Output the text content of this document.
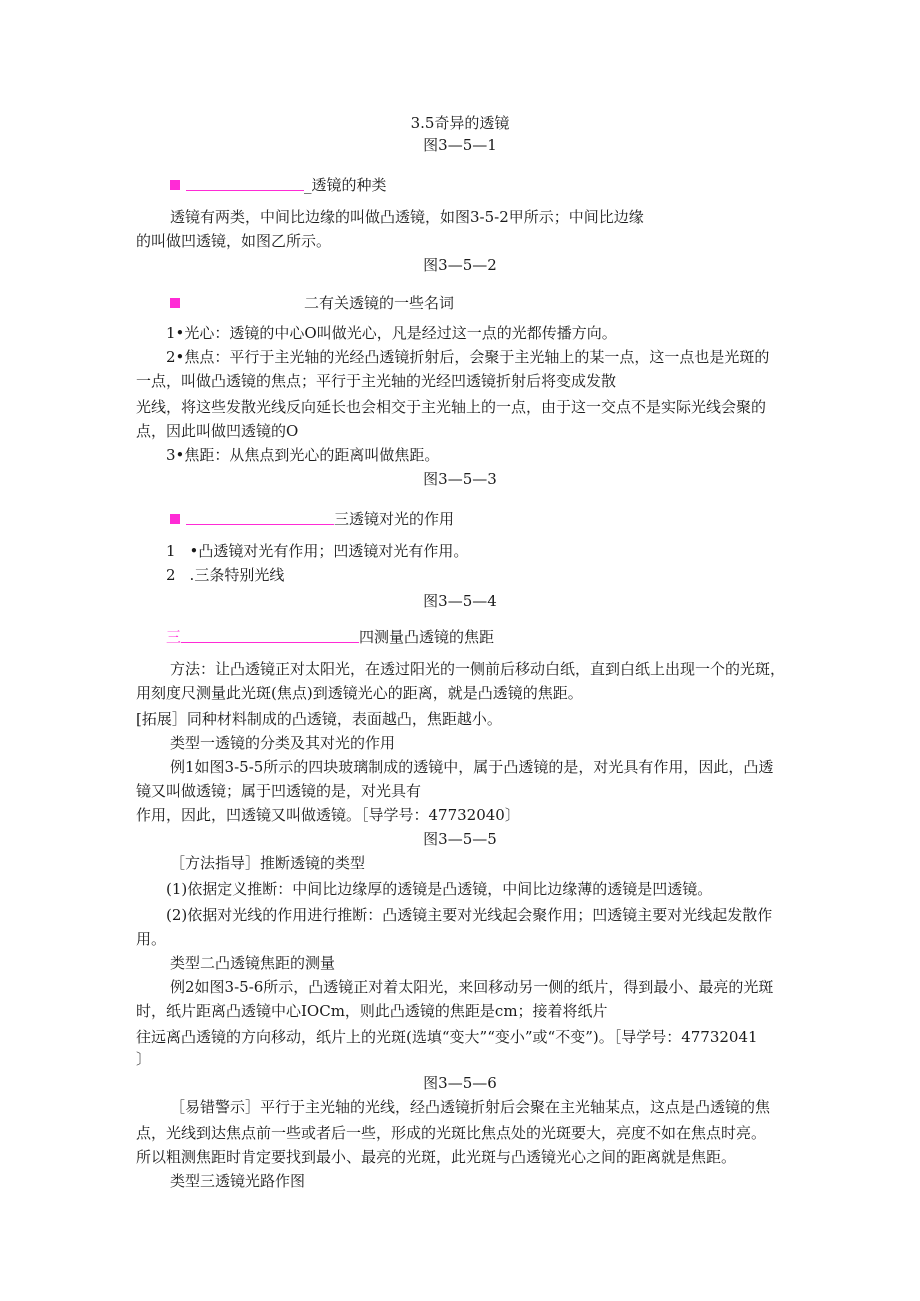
3.5奇异的透镜
图3—5—1
_透镜的种类
透镜有两类，中间比边缘的叫做凸透镜，如图3-5-2甲所示；中间比边缘
的叫做凹透镜，如图乙所示。
图3—5—2
二有关透镜的一些名词
1•光心：透镜的中心O叫做光心，凡是经过这一点的光都传播方向。
2•焦点：平行于主光轴的光经凸透镜折射后，会聚于主光轴上的某一点，这一点也是光斑的
一点，叫做凸透镜的焦点；平行于主光轴的光经凹透镜折射后将变成发散
光线，将这些发散光线反向延长也会相交于主光轴上的一点，由于这一交点不是实际光线会聚的
点，因此叫做凹透镜的O
3•焦距：从焦点到光心的距离叫做焦距。
图3—5—3
三透镜对光的作用
1 •凸透镜对光有作用；凹透镜对光有作用。
2 .三条特别光线
图3—5—4
三	四测量凸透镜的焦距
方法：让凸透镜正对太阳光，在透过阳光的一侧前后移动白纸，直到白纸上出现一个的光斑，
用刻度尺测量此光斑(焦点)到透镜光心的距离，就是凸透镜的焦距。
[拓展］同种材料制成的凸透镜，表面越凸，焦距越小。
类型一透镜的分类及其对光的作用
例1如图3-5-5所示的四块玻璃制成的透镜中，属于凸透镜的是，对光具有作用，因此，凸透
镜又叫做透镜；属于凹透镜的是，对光具有
作用，因此，凹透镜又叫做透镜。［导学号：47732040〕
图3—5—5
［方法指导］推断透镜的类型
(1)依据定义推断：中间比边缘厚的透镜是凸透镜，中间比边缘薄的透镜是凹透镜。
(2)依据对光线的作用进行推断：凸透镜主要对光线起会聚作用；凹透镜主要对光线起发散作
用。
类型二凸透镜焦距的测量
例2如图3-5-6所示，凸透镜正对着太阳光，来回移动另一侧的纸片，得到最小、最亮的光斑
时，纸片距离凸透镜中心IOCm，则此凸透镜的焦距是cm；接着将纸片
往远离凸透镜的方向移动，纸片上的光斑(选填“变大”“变小”或“不变”)。［导学号：47732041
〕
图3—5—6
［易错警示］平行于主光轴的光线，经凸透镜折射后会聚在主光轴某点，这点是凸透镜的焦
点，光线到达焦点前一些或者后一些，形成的光斑比焦点处的光斑要大，亮度不如在焦点时亮。
所以粗测焦距时肯定要找到最小、最亮的光斑，此光斑与凸透镜光心之间的距离就是焦距。
类型三透镜光路作图
